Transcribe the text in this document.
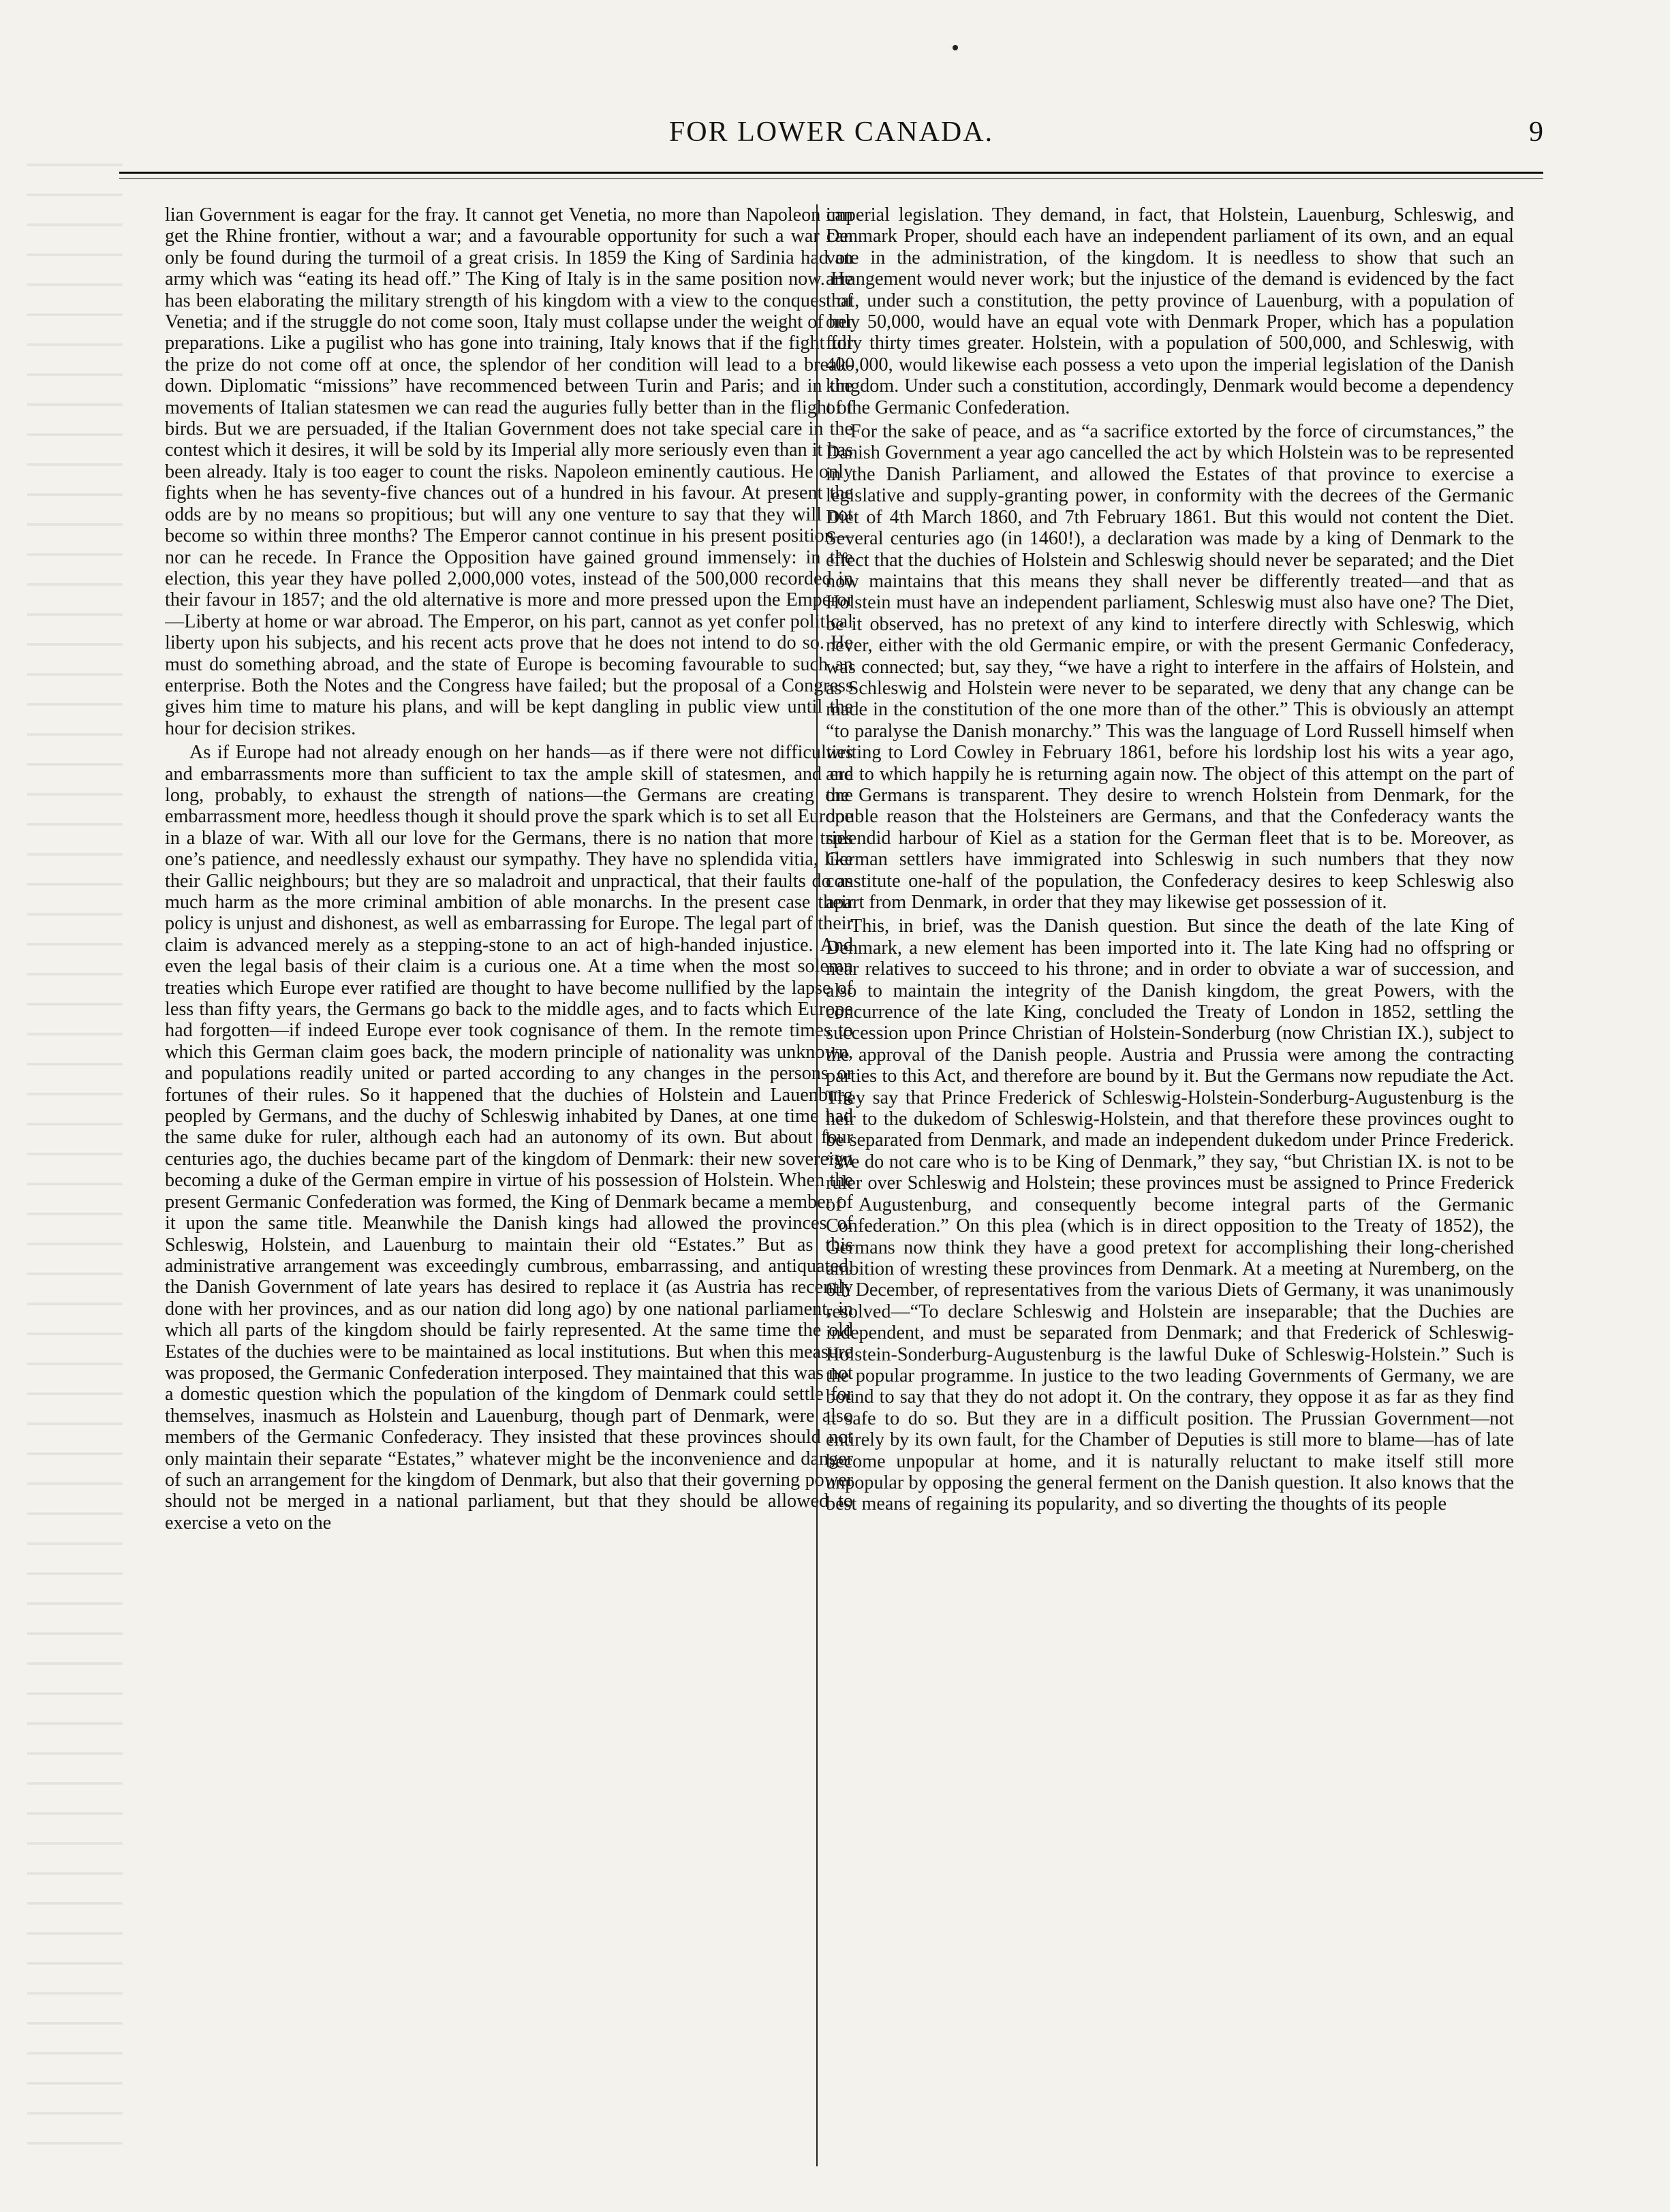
FOR LOWER CANADA.	9

lian Government is eagar for the fray. It cannot get Venetia, no more than Napoleon can get the Rhine frontier, without a war; and a favourable opportunity for such a war can only be found during the turmoil of a great crisis. In 1859 the King of Sardinia had an army which was “eating its head off.” The King of Italy is in the same position now. He has been elaborating the military strength of his kingdom with a view to the conquest of Venetia; and if the struggle do not come soon, Italy must collapse under the weight of her preparations. Like a pugilist who has gone into training, Italy knows that if the fight for the prize do not come off at once, the splendor of her condition will lead to a break-down. Diplomatic “missions” have recommenced between Turin and Paris; and in the movements of Italian statesmen we can read the auguries fully better than in the flight of birds. But we are persuaded, if the Italian Government does not take special care in the contest which it desires, it will be sold by its Imperial ally more seriously even than it has been already. Italy is too eager to count the risks. Napoleon eminently cautious. He only fights when he has seventy-five chances out of a hundred in his favour. At present the odds are by no means so propitious; but will any one venture to say that they will not become so within three months? The Emperor cannot continue in his present position—nor can he recede. In France the Opposition have gained ground immensely: in the election, this year they have polled 2,000,000 votes, instead of the 500,000 recorded in their favour in 1857; and the old alternative is more and more pressed upon the Emperor—Liberty at home or war abroad. The Emperor, on his part, cannot as yet confer political liberty upon his subjects, and his recent acts prove that he does not intend to do so. He must do something abroad, and the state of Europe is becoming favourable to such an enterprise. Both the Notes and the Congress have failed; but the proposal of a Congress gives him time to mature his plans, and will be kept dangling in public view until the hour for decision strikes.

As if Europe had not already enough on her hands—as if there were not difficulties and embarrassments more than sufficient to tax the ample skill of statesmen, and ere long, probably, to exhaust the strength of nations—the Germans are creating one embarrassment more, heedless though it should prove the spark which is to set all Europe in a blaze of war. With all our love for the Germans, there is no nation that more tries one’s patience, and needlessly exhaust our sympathy. They have no splendida vitia, like their Gallic neighbours; but they are so maladroit and unpractical, that their faults do as much harm as the more criminal ambition of able monarchs. In the present case their policy is unjust and dishonest, as well as embarrassing for Europe. The legal part of their claim is advanced merely as a stepping-stone to an act of high-handed injustice. And even the legal basis of their claim is a curious one. At a time when the most solemn treaties which Europe ever ratified are thought to have become nullified by the lapse of less than fifty years, the Germans go back to the middle ages, and to facts which Europe had forgotten—if indeed Europe ever took cognisance of them. In the remote times to which this German claim goes back, the modern principle of nationality was unknown, and populations readily united or parted according to any changes in the persons or fortunes of their rules. So it happened that the duchies of Holstein and Lauenburg peopled by Germans, and the duchy of Schleswig inhabited by Danes, at one time had the same duke for ruler, although each had an autonomy of its own. But about four centuries ago, the duchies became part of the kingdom of Denmark: their new sovereign becoming a duke of the German empire in virtue of his possession of Holstein. When the present Germanic Confederation was formed, the King of Denmark became a member of it upon the same title. Meanwhile the Danish kings had allowed the provinces of Schleswig, Holstein, and Lauenburg to maintain their old “Estates.” But as this administrative arrangement was exceedingly cumbrous, embarrassing, and antiquated, the Danish Government of late years has desired to replace it (as Austria has recently done with her provinces, and as our nation did long ago) by one national parliament, in which all parts of the kingdom should be fairly represented. At the same time the old Estates of the duchies were to be maintained as local institutions. But when this measure was proposed, the Germanic Confederation interposed. They maintained that this was not a domestic question which the population of the kingdom of Denmark could settle for themselves, inasmuch as Holstein and Lauenburg, though part of Denmark, were also members of the Germanic Confederacy. They insisted that these provinces should not only maintain their separate “Estates,” whatever might be the inconvenience and danger of such an arrangement for the kingdom of Denmark, but also that their governing power should not be merged in a national parliament, but that they should be allowed to exercise a veto on the

imperial legislation. They demand, in fact, that Holstein, Lauenburg, Schleswig, and Denmark Proper, should each have an independent parliament of its own, and an equal vote in the administration, of the kingdom. It is needless to show that such an arrangement would never work; but the injustice of the demand is evidenced by the fact that, under such a constitution, the petty province of Lauenburg, with a population of only 50,000, would have an equal vote with Denmark Proper, which has a population fully thirty times greater. Holstein, with a population of 500,000, and Schleswig, with 400,000, would likewise each possess a veto upon the imperial legislation of the Danish kingdom. Under such a constitution, accordingly, Denmark would become a dependency of the Germanic Confederation.

For the sake of peace, and as “a sacrifice extorted by the force of circumstances,” the Danish Government a year ago cancelled the act by which Holstein was to be represented in the Danish Parliament, and allowed the Estates of that province to exercise a legislative and supply-granting power, in conformity with the decrees of the Germanic Diet of 4th March 1860, and 7th February 1861. But this would not content the Diet. Several centuries ago (in 1460!), a declaration was made by a king of Denmark to the effect that the duchies of Holstein and Schleswig should never be separated; and the Diet now maintains that this means they shall never be differently treated—and that as Holstein must have an independent parliament, Schleswig must also have one? The Diet, be it observed, has no pretext of any kind to interfere directly with Schleswig, which never, either with the old Germanic empire, or with the present Germanic Confederacy, was connected; but, say they, “we have a right to interfere in the affairs of Holstein, and as Schleswig and Holstein were never to be separated, we deny that any change can be made in the constitution of the one more than of the other.” This is obviously an attempt “to paralyse the Danish monarchy.” This was the language of Lord Russell himself when writing to Lord Cowley in February 1861, before his lordship lost his wits a year ago, and to which happily he is returning again now. The object of this attempt on the part of the Germans is transparent. They desire to wrench Holstein from Denmark, for the double reason that the Holsteiners are Germans, and that the Confederacy wants the splendid harbour of Kiel as a station for the German fleet that is to be. Moreover, as German settlers have immigrated into Schleswig in such numbers that they now constitute one-half of the population, the Confederacy desires to keep Schleswig also apart from Denmark, in order that they may likewise get possession of it.

This, in brief, was the Danish question. But since the death of the late King of Denmark, a new element has been imported into it. The late King had no offspring or near relatives to succeed to his throne; and in order to obviate a war of succession, and also to maintain the integrity of the Danish kingdom, the great Powers, with the concurrence of the late King, concluded the Treaty of London in 1852, settling the succession upon Prince Christian of Holstein-Sonderburg (now Christian IX.), subject to the approval of the Danish people. Austria and Prussia were among the contracting parties to this Act, and therefore are bound by it. But the Germans now repudiate the Act. They say that Prince Frederick of Schleswig-Holstein-Sonderburg-Augustenburg is the heir to the dukedom of Schleswig-Holstein, and that therefore these provinces ought to be separated from Denmark, and made an independent dukedom under Prince Frederick. “We do not care who is to be King of Denmark,” they say, “but Christian IX. is not to be ruler over Schleswig and Holstein; these provinces must be assigned to Prince Frederick of Augustenburg, and consequently become integral parts of the Germanic Confederation.” On this plea (which is in direct opposition to the Treaty of 1852), the Germans now think they have a good pretext for accomplishing their long-cherished ambition of wresting these provinces from Denmark. At a meeting at Nuremberg, on the 6th December, of representatives from the various Diets of Germany, it was unanimously resolved—“To declare Schleswig and Holstein are inseparable; that the Duchies are independent, and must be separated from Denmark; and that Frederick of Schleswig-Holstein-Sonderburg-Augustenburg is the lawful Duke of Schleswig-Holstein.” Such is the popular programme. In justice to the two leading Governments of Germany, we are bound to say that they do not adopt it. On the contrary, they oppose it as far as they find it safe to do so. But they are in a difficult position. The Prussian Government—not entirely by its own fault, for the Chamber of Deputies is still more to blame—has of late become unpopular at home, and it is naturally reluctant to make itself still more unpopular by opposing the general ferment on the Danish question. It also knows that the best means of regaining its popularity, and so diverting the thoughts of its people
